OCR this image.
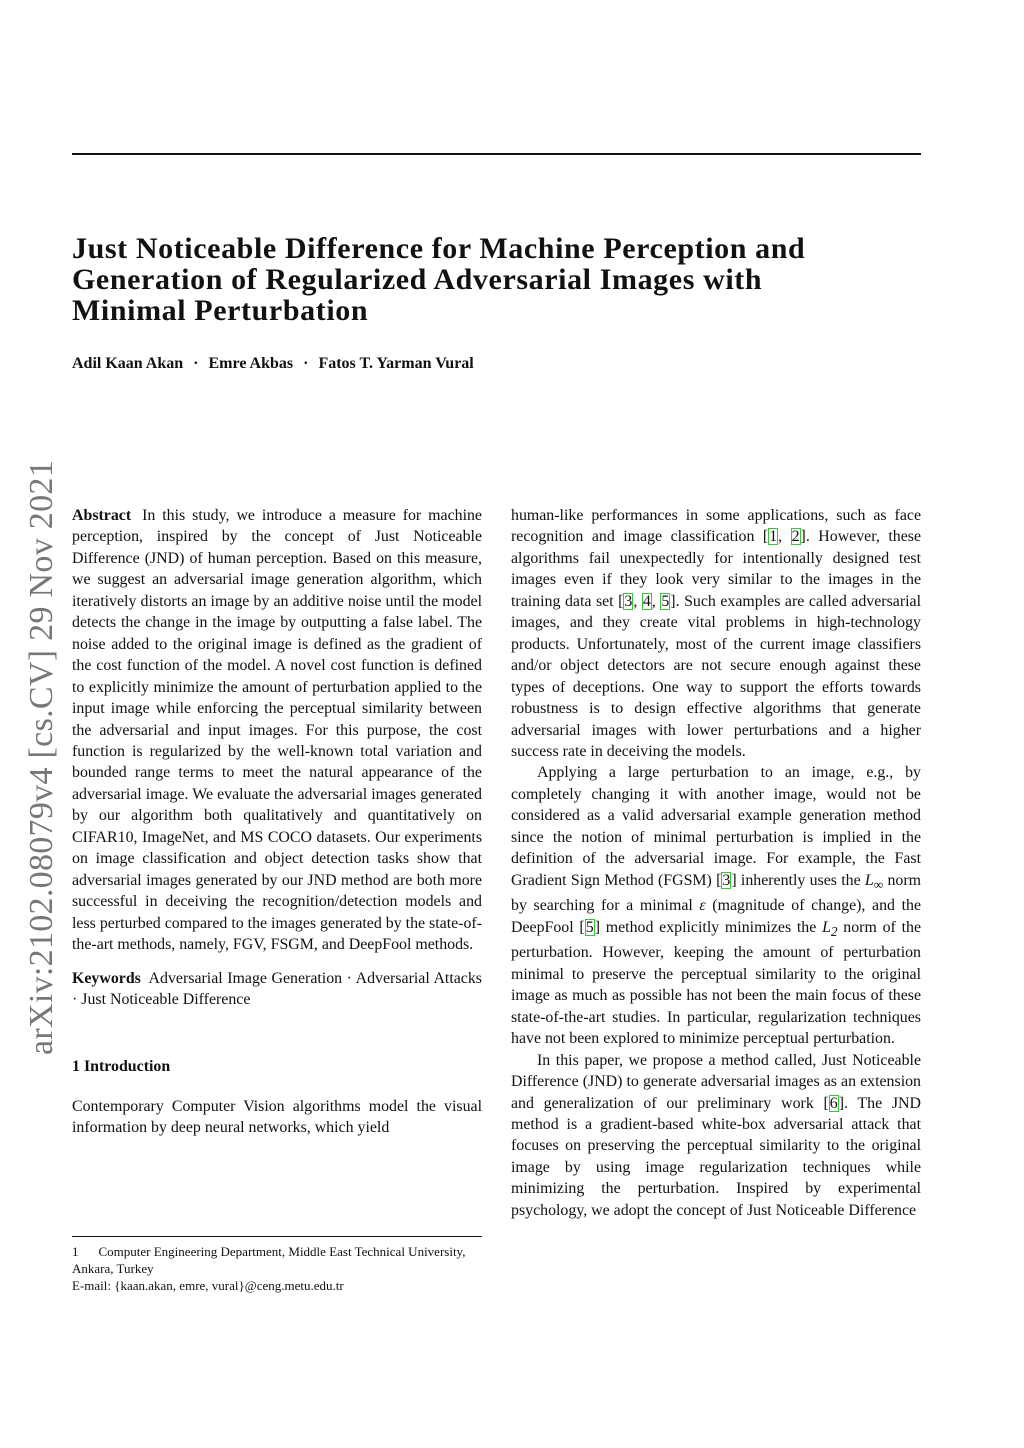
Just Noticeable Difference for Machine Perception and
Generation of Regularized Adversarial Images with
Minimal Perturbation
Adil Kaan Akan · Emre Akbas · Fatos T. Yarman Vural
arXiv:2102.08079v4 [cs.CV] 29 Nov 2021 Abstract In this study, we introduce a measure for machine perception, inspired by the concept of Just Noticeable Difference (JND) of human perception. Based on this measure, we suggest an adversarial image generation algorithm, which iteratively distorts an image by an additive noise until the model detects the change in the image by outputting a false label. The noise added to the original image is defined as the gradient of the cost function of the model. A novel cost function is defined to explicitly minimize the amount of perturbation applied to the input image while enforcing the perceptual similarity between the adversarial and input images. For this purpose, the cost function is regularized by the well-known total variation and bounded range terms to meet the natural appearance of the adversarial image. We evaluate the adversarial images generated by our algorithm both qualitatively and quantitatively on CIFAR10, ImageNet, and MS COCO datasets. Our experiments on image classification and object detection tasks show that adversarial images generated by our JND method are both more successful in deceiving the recognition/detection models and less perturbed compared to the images generated by the state-of-the-art methods, namely, FGV, FSGM, and DeepFool methods.

Keywords Adversarial Image Generation · Adversarial Attacks · Just Noticeable Difference

1 Introduction

Contemporary Computer Vision algorithms model the visual information by deep neural networks, which yield

1 Computer Engineering Department, Middle East Technical University, Ankara, Turkey

E-mail: {kaan.akan, emre, vural}@ceng.metu.edu.tr

human-like performances in some applications, such as face recognition and image classification [1, 2]. However, these algorithms fail unexpectedly for intentionally designed test images even if they look very similar to the images in the training data set [3, 4, 5]. Such examples are called adversarial images, and they create vital problems in high-technology products. Unfortunately, most of the current image classifiers and/or object detectors are not secure enough against these types of deceptions. One way to support the efforts towards robustness is to design effective algorithms that generate adversarial images with lower perturbations and a higher success rate in deceiving the models.

Applying a large perturbation to an image, e.g., by completely changing it with another image, would not be considered as a valid adversarial example generation method since the notion of minimal perturbation is implied in the definition of the adversarial image. For example, the Fast Gradient Sign Method (FGSM) [3] inherently uses the $L_\infty$ norm by searching for a minimal ε (magnitude of change), and the DeepFool [5] method explicitly minimizes the $L_2$ norm of the perturbation. However, keeping the amount of perturbation minimal to preserve the perceptual similarity to the original image as much as possible has not been the main focus of these state-of-the-art studies. In particular, regularization techniques have not been explored to minimize perceptual perturbation.

In this paper, we propose a method called, Just Noticeable Difference (JND) to generate adversarial images as an extension and generalization of our preliminary work [6]. The JND method is a gradient-based white-box adversarial attack that focuses on preserving the perceptual similarity to the original image by using image regularization techniques while minimizing the perturbation. Inspired by experimental psychology, we adopt the concept of Just Noticeable Difference
